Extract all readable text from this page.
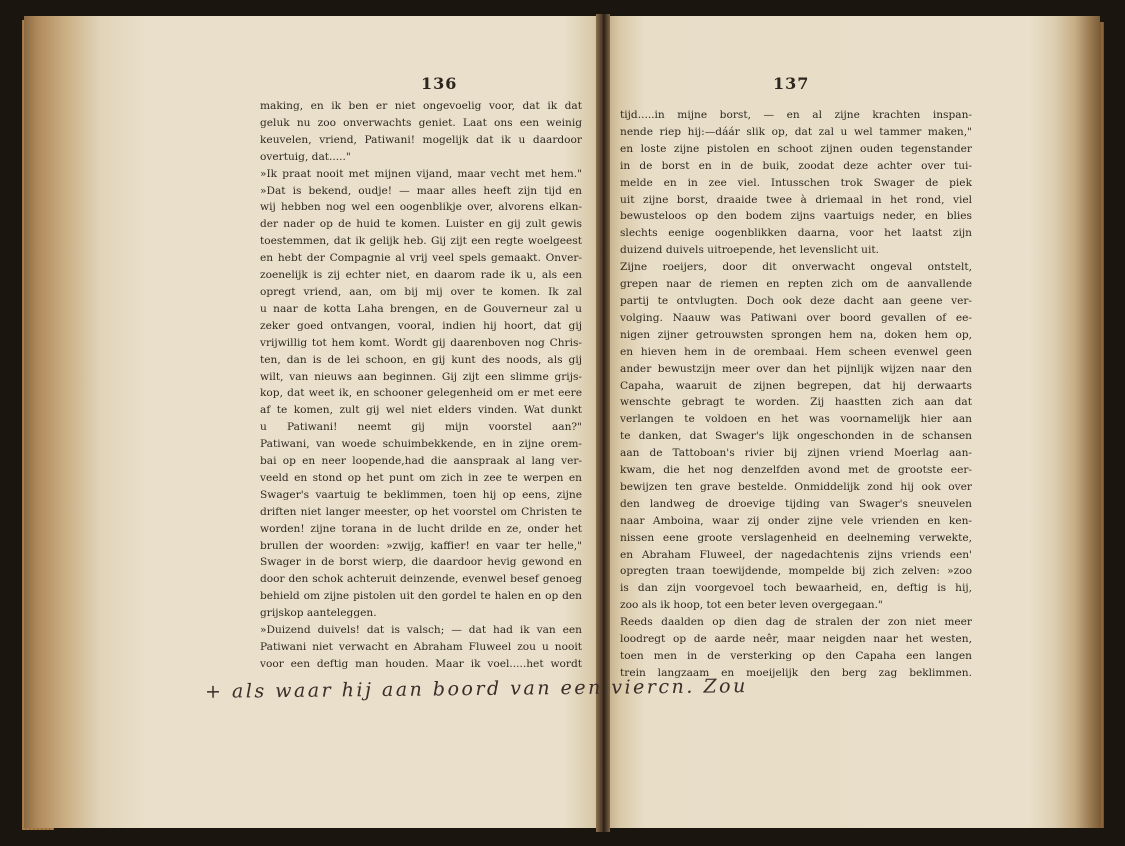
136
making, en ik ben er niet ongevoelig voor, dat ik dat
geluk nu zoo onverwachts geniet. Laat ons een weinig
keuvelen, vriend, Patiwani! mogelijk dat ik u daardoor
overtuig, dat....."
»Ik praat nooit met mijnen vijand, maar vecht met hem."
»Dat is bekend, oudje! — maar alles heeft zijn tijd en
wij hebben nog wel een oogenblikje over, alvorens elkan-
der nader op de huid te komen. Luister en gij zult gewis
toestemmen, dat ik gelijk heb. Gij zijt een regte woelgeest
en hebt der Compagnie al vrij veel spels gemaakt. Onver-
zoenelijk is zij echter niet, en daarom rade ik u, als een
opregt vriend, aan, om bij mij over te komen. Ik zal
u naar de kotta Laha brengen, en de Gouverneur zal u
zeker goed ontvangen, vooral, indien hij hoort, dat gij
vrijwillig tot hem komt. Wordt gij daarenboven nog Chris-
ten, dan is de lei schoon, en gij kunt des noods, als gij
wilt, van nieuws aan beginnen. Gij zijt een slimme grijs-
kop, dat weet ik, en schooner gelegenheid om er met eere
af te komen, zult gij wel niet elders vinden. Wat dunkt
u Patiwani! neemt gij mijn voorstel aan?"
Patiwani, van woede schuimbekkende, en in zijne orem-
bai op en neer loopende,had die aanspraak al lang ver-
veeld en stond op het punt om zich in zee te werpen en
Swager's vaartuig te beklimmen, toen hij op eens, zijne
driften niet langer meester, op het voorstel om Christen te
worden! zijne torana in de lucht drilde en ze, onder het
brullen der woorden: »zwijg, kaffier! en vaar ter helle,"
Swager in de borst wierp, die daardoor hevig gewond en
door den schok achteruit deinzende, evenwel besef genoeg
behield om zijne pistolen uit den gordel te halen en op den
grijskop aanteleggen.
»Duizend duivels! dat is valsch; — dat had ik van een
Patiwani niet verwacht en Abraham Fluweel zou u nooit
voor een deftig man houden. Maar ik voel.....het wordt
137
tijd.....in mijne borst, — en al zijne krachten inspan-
nende riep hij:—dáár slik op, dat zal u wel tammer maken,"
en loste zijne pistolen en schoot zijnen ouden tegenstander
in de borst en in de buik, zoodat deze achter over tui-
melde en in zee viel. Intusschen trok Swager de piek
uit zijne borst, draaide twee à driemaal in het rond, viel
bewusteloos op den bodem zijns vaartuigs neder, en blies
slechts eenige oogenblikken daarna, voor het laatst zijn
duizend duivels uitroepende, het levenslicht uit.
Zijne roeijers, door dit onverwacht ongeval ontstelt,
grepen naar de riemen en repten zich om de aanvallende
partij te ontvlugten. Doch ook deze dacht aan geene ver-
volging. Naauw was Patiwani over boord gevallen of ee-
nigen zijner getrouwsten sprongen hem na, doken hem op,
en hieven hem in de orembaai. Hem scheen evenwel geen
ander bewustzijn meer over dan het pijnlijk wijzen naar den
Capaha, waaruit de zijnen begrepen, dat hij derwaarts
wenschte gebragt te worden. Zij haastten zich aan dat
verlangen te voldoen en het was voornamelijk hier aan
te danken, dat Swager's lijk ongeschonden in de schansen
aan de Tattoboan's rivier bij zijnen vriend Moerlag aan-
kwam, die het nog denzelfden avond met de grootste eer-
bewijzen ten grave bestelde. Onmiddelijk zond hij ook over
den landweg de droevige tijding van Swager's sneuvelen
naar Amboina, waar zij onder zijne vele vrienden en ken-
nissen eene groote verslagenheid en deelneming verwekte,
en Abraham Fluweel, der nagedachtenis zijns vriends een'
opregten traan toewijdende, mompelde bij zich zelven: »zoo
is dan zijn voorgevoel toch bewaarheid, en, deftig is hij,
zoo als ik hoop, tot een beter leven overgegaan."
Reeds daalden op dien dag de stralen der zon niet meer
loodregt op de aarde neêr, maar neigden naar het westen,
toen men in de versterking op den Capaha een langen
trein langzaam en moeijelijk den berg zag beklimmen.
+ als waar hij aan boord van een viercn. Zou
